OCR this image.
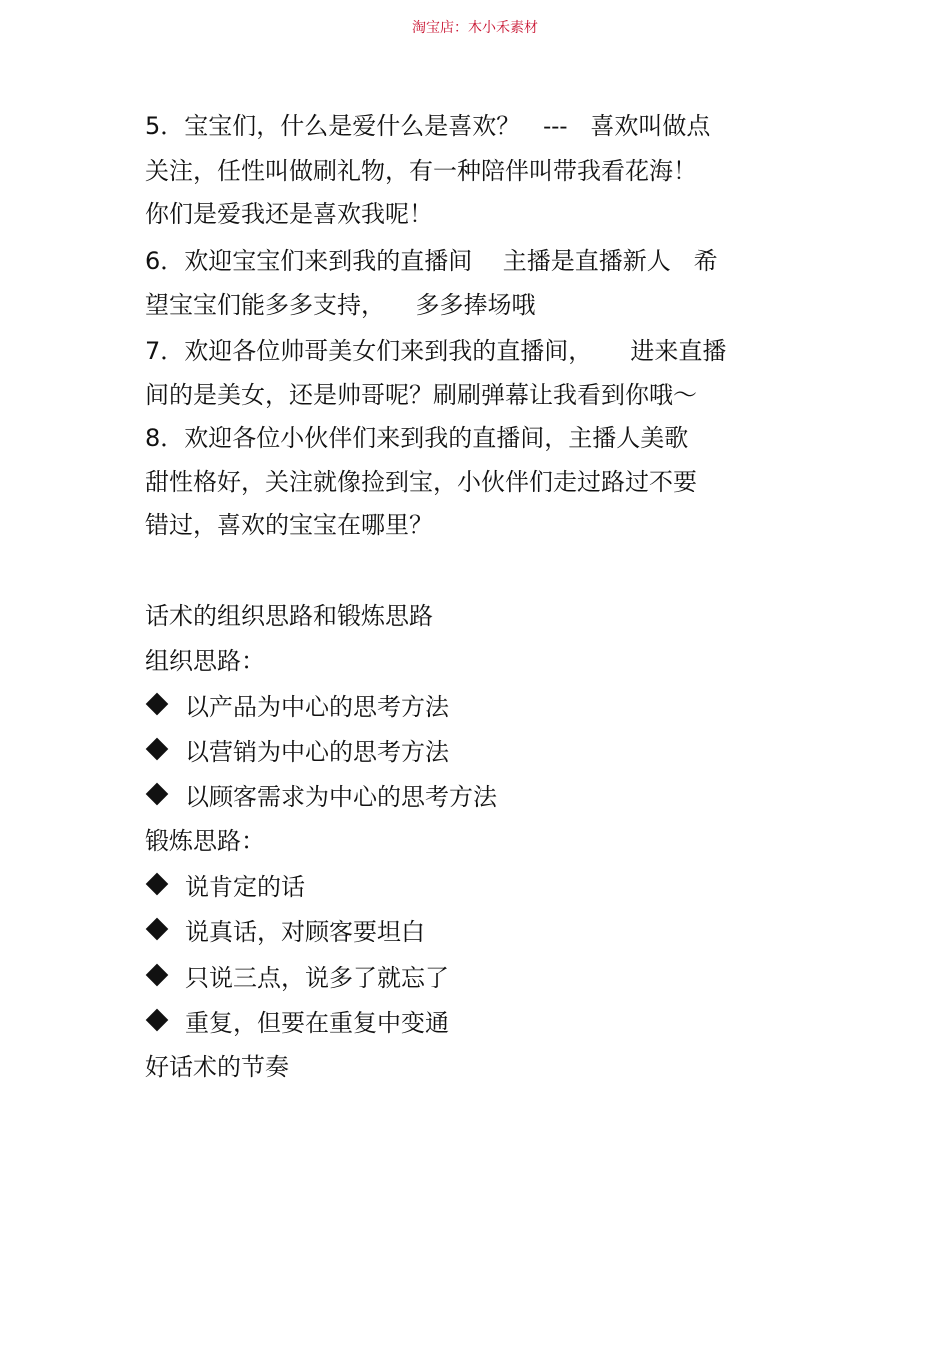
淘宝店：木小禾素材
5．宝宝们，什么是爱什么是喜欢？   ---   喜欢叫做点
关注，任性叫做刷礼物，有一种陪伴叫带我看花海！
你们是爱我还是喜欢我呢！
6．欢迎宝宝们来到我的直播间    主播是直播新人   希
望宝宝们能多多支持，    多多捧场哦
7．欢迎各位帅哥美女们来到我的直播间，     进来直播
间的是美女，还是帅哥呢？刷刷弹幕让我看到你哦～
8．欢迎各位小伙伴们来到我的直播间，主播人美歌
甜性格好，关注就像捡到宝，小伙伴们走过路过不要
错过，喜欢的宝宝在哪里？
话术的组织思路和锻炼思路
组织思路：
以产品为中心的思考方法
以营销为中心的思考方法
以顾客需求为中心的思考方法
锻炼思路：
说肯定的话
说真话，对顾客要坦白
只说三点，说多了就忘了
重复，但要在重复中变通
好话术的节奏
